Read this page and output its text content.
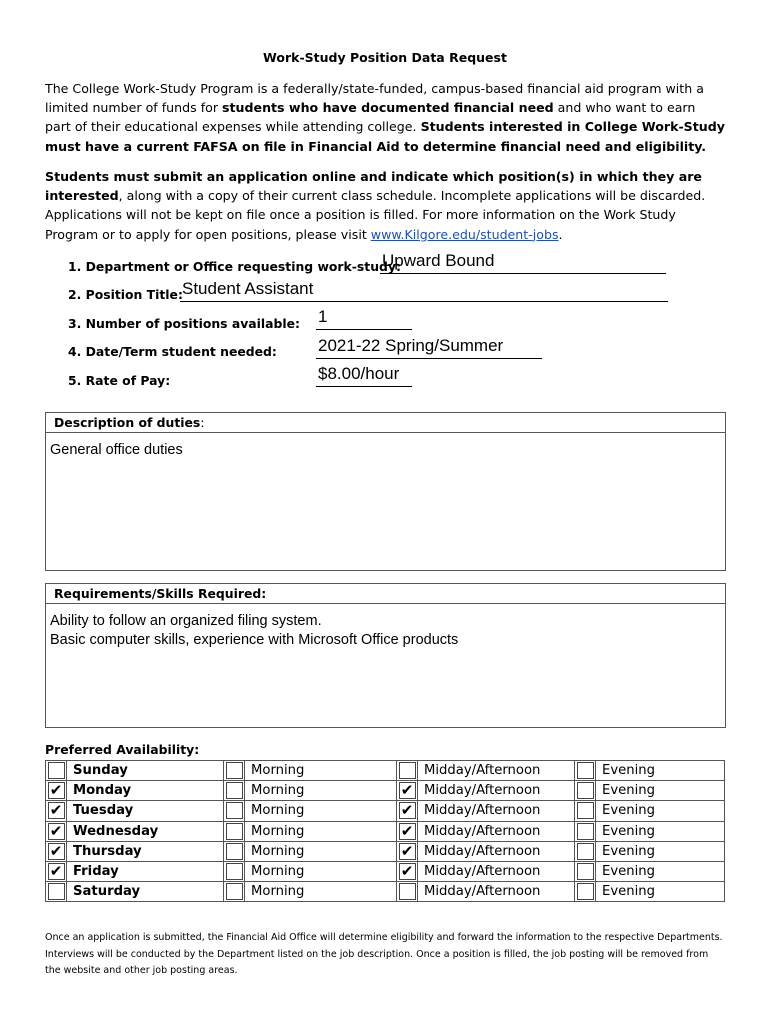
Work-Study Position Data Request
The College Work-Study Program is a federally/state-funded, campus-based financial aid program with a limited number of funds for students who have documented financial need and who want to earn part of their educational expenses while attending college. Students interested in College Work-Study must have a current FAFSA on file in Financial Aid to determine financial need and eligibility.
Students must submit an application online and indicate which position(s) in which they are interested, along with a copy of their current class schedule. Incomplete applications will be discarded. Applications will not be kept on file once a position is filled. For more information on the Work Study Program or to apply for open positions, please visit www.Kilgore.edu/student-jobs.
1. Department or Office requesting work-study:
Upward Bound
2. Position Title: Student Assistant
3. Number of positions available: 1
4. Date/Term student needed: 2021-22 Spring/Summer
5. Rate of Pay:	$8.00/hour
Description of duties:
General office duties
Requirements/Skills Required:
Ability to follow an organized filing system.
Basic computer skills, experience with Microsoft Office products
Preferred Availability:
	Sunday		Morning		Midday/Afternoon		Evening
✔	Monday		Morning	✔	Midday/Afternoon		Evening
✔	Tuesday		Morning	✔	Midday/Afternoon		Evening
✔	Wednesday		Morning	✔	Midday/Afternoon		Evening
✔	Thursday		Morning	✔	Midday/Afternoon		Evening
✔	Friday		Morning	✔	Midday/Afternoon		Evening
	Saturday		Morning		Midday/Afternoon		Evening
Once an application is submitted, the Financial Aid Office will determine eligibility and forward the information to the respective Departments. Interviews will be conducted by the Department listed on the job description. Once a position is filled, the job posting will be removed from the website and other job posting areas.
